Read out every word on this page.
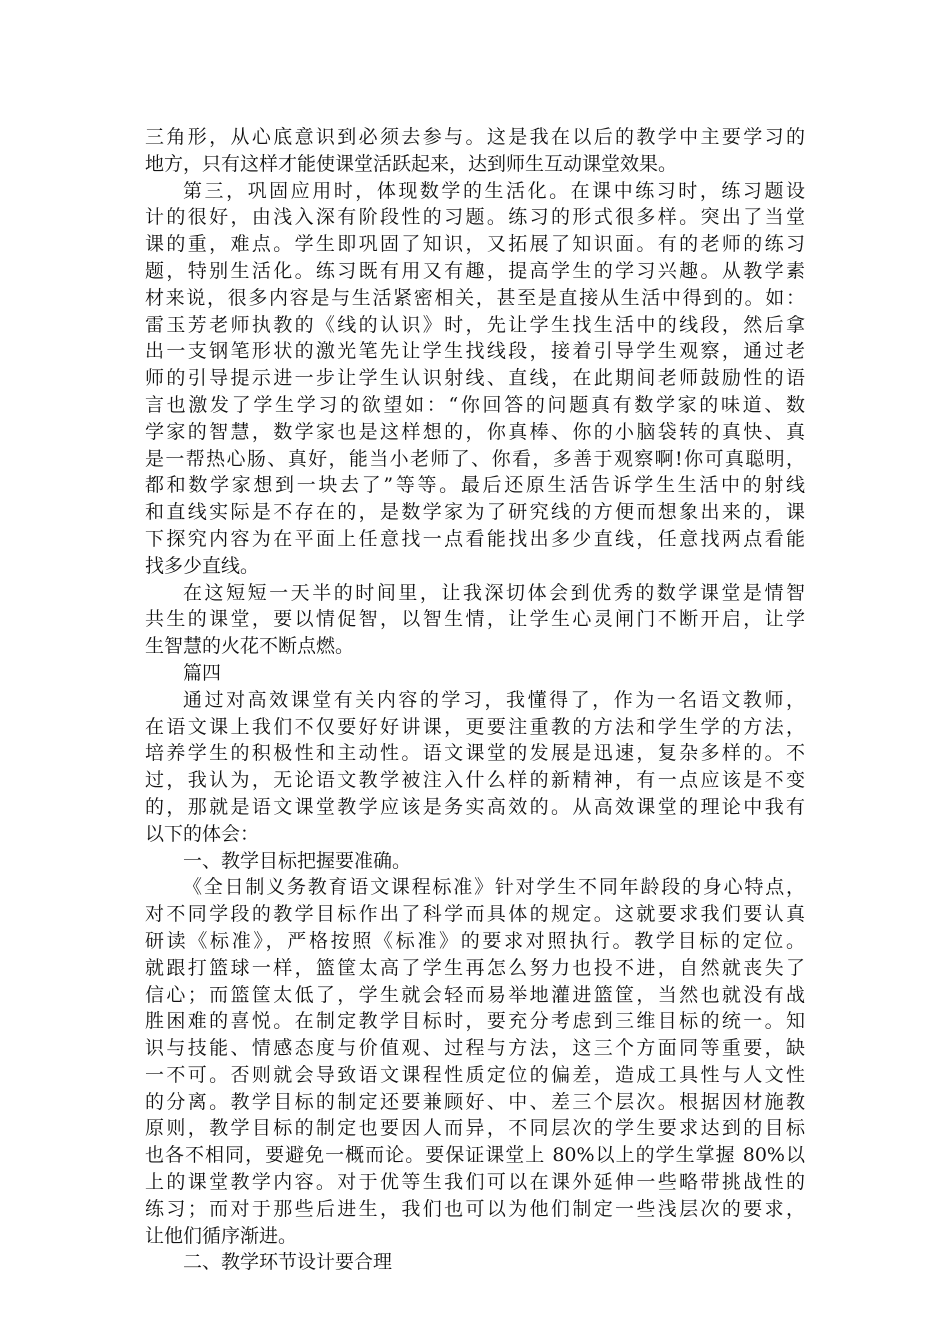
三角形，从心底意识到必须去参与。这是我在以后的教学中主要学习的
地方，只有这样才能使课堂活跃起来，达到师生互动课堂效果。
第三，巩固应用时，体现数学的生活化。在课中练习时，练习题设
计的很好，由浅入深有阶段性的习题。练习的形式很多样。突出了当堂
课的重，难点。学生即巩固了知识，又拓展了知识面。有的老师的练习
题，特别生活化。练习既有用又有趣，提高学生的学习兴趣。从教学素
材来说，很多内容是与生活紧密相关，甚至是直接从生活中得到的。如：
雷玉芳老师执教的《线的认识》时，先让学生找生活中的线段，然后拿
出一支钢笔形状的激光笔先让学生找线段，接着引导学生观察，通过老
师的引导提示进一步让学生认识射线、直线，在此期间老师鼓励性的语
言也激发了学生学习的欲望如：“你回答的问题真有数学家的味道、数
学家的智慧，数学家也是这样想的，你真棒、你的小脑袋转的真快、真
是一帮热心肠、真好，能当小老师了、你看，多善于观察啊!你可真聪明，
都和数学家想到一块去了”等等。最后还原生活告诉学生生活中的射线
和直线实际是不存在的，是数学家为了研究线的方便而想象出来的，课
下探究内容为在平面上任意找一点看能找出多少直线，任意找两点看能
找多少直线。
在这短短一天半的时间里，让我深切体会到优秀的数学课堂是情智
共生的课堂，要以情促智，以智生情，让学生心灵闸门不断开启，让学
生智慧的火花不断点燃。
篇四
通过对高效课堂有关内容的学习，我懂得了，作为一名语文教师，
在语文课上我们不仅要好好讲课，更要注重教的方法和学生学的方法，
培养学生的积极性和主动性。语文课堂的发展是迅速，复杂多样的。不
过，我认为，无论语文教学被注入什么样的新精神，有一点应该是不变
的，那就是语文课堂教学应该是务实高效的。从高效课堂的理论中我有
以下的体会：
一、教学目标把握要准确。
《全日制义务教育语文课程标准》针对学生不同年龄段的身心特点，
对不同学段的教学目标作出了科学而具体的规定。这就要求我们要认真
研读《标准》，严格按照《标准》的要求对照执行。教学目标的定位。
就跟打篮球一样，篮筐太高了学生再怎么努力也投不进，自然就丧失了
信心；而篮筐太低了，学生就会轻而易举地灌进篮筐，当然也就没有战
胜困难的喜悦。在制定教学目标时，要充分考虑到三维目标的统一。知
识与技能、情感态度与价值观、过程与方法，这三个方面同等重要，缺
一不可。否则就会导致语文课程性质定位的偏差，造成工具性与人文性
的分离。教学目标的制定还要兼顾好、中、差三个层次。根据因材施教
原则，教学目标的制定也要因人而异，不同层次的学生要求达到的目标
也各不相同，要避免一概而论。要保证课堂上 80%以上的学生掌握 80%以
上的课堂教学内容。对于优等生我们可以在课外延伸一些略带挑战性的
练习；而对于那些后进生，我们也可以为他们制定一些浅层次的要求，
让他们循序渐进。
二、教学环节设计要合理
